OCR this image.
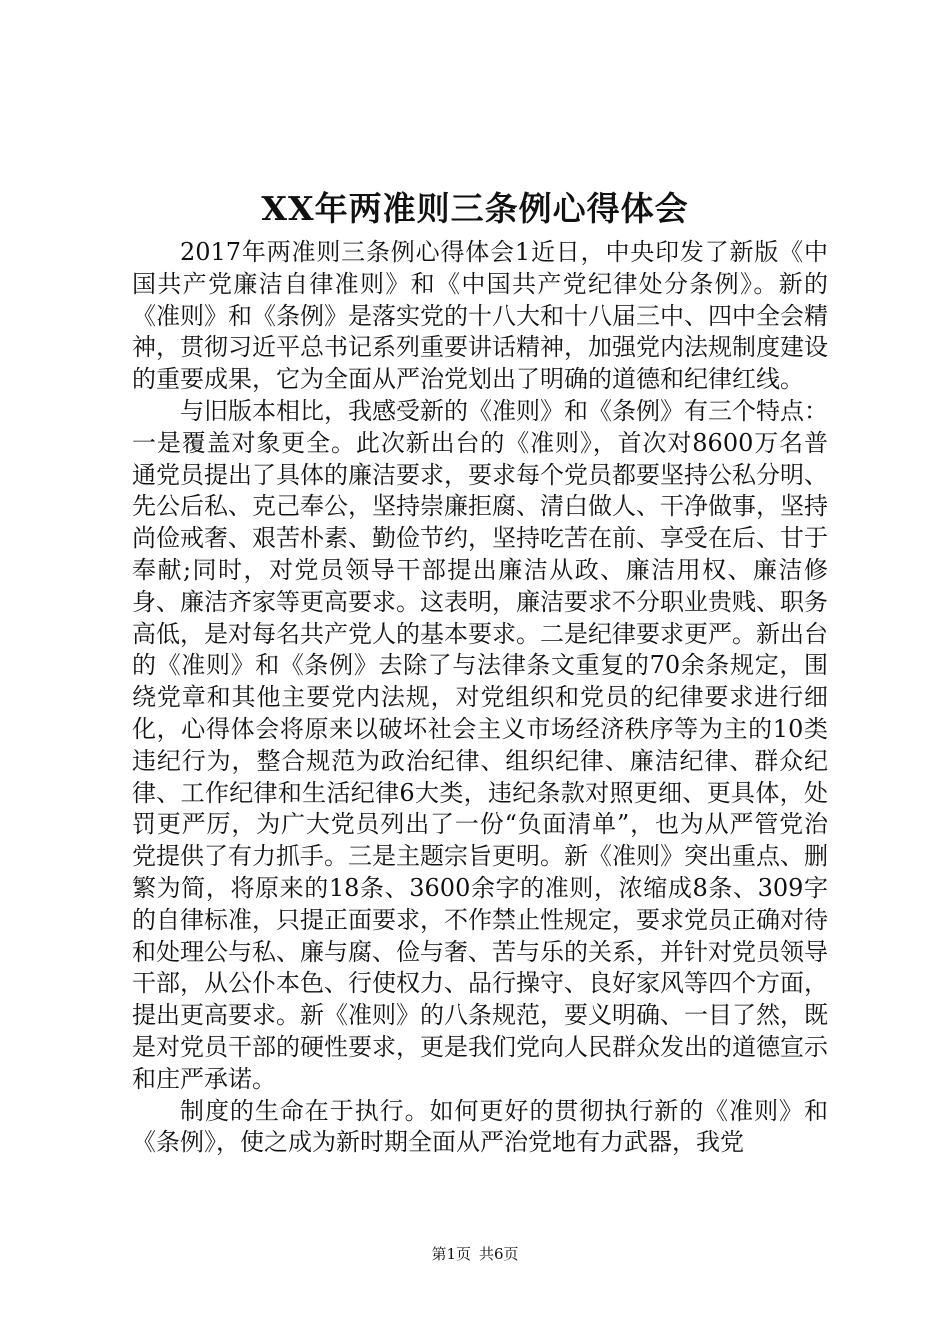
XX年两准则三条例心得体会

2017年两准则三条例心得体会1近日，中央印发了新版《中国共产党廉洁自律准则》和《中国共产党纪律处分条例》。新的《准则》和《条例》是落实党的十八大和十八届三中、四中全会精神，贯彻习近平总书记系列重要讲话精神，加强党内法规制度建设的重要成果，它为全面从严治党划出了明确的道德和纪律红线。

与旧版本相比，我感受新的《准则》和《条例》有三个特点：一是覆盖对象更全。此次新出台的《准则》，首次对8600万名普通党员提出了具体的廉洁要求，要求每个党员都要坚持公私分明、先公后私、克己奉公，坚持崇廉拒腐、清白做人、干净做事，坚持尚俭戒奢、艰苦朴素、勤俭节约，坚持吃苦在前、享受在后、甘于奉献;同时，对党员领导干部提出廉洁从政、廉洁用权、廉洁修身、廉洁齐家等更高要求。这表明，廉洁要求不分职业贵贱、职务高低，是对每名共产党人的基本要求。二是纪律要求更严。新出台的《准则》和《条例》去除了与法律条文重复的70余条规定，围绕党章和其他主要党内法规，对党组织和党员的纪律要求进行细化，心得体会将原来以破坏社会主义市场经济秩序等为主的10类违纪行为，整合规范为政治纪律、组织纪律、廉洁纪律、群众纪律、工作纪律和生活纪律6大类，违纪条款对照更细、更具体，处罚更严厉，为广大党员列出了一份“负面清单”，也为从严管党治党提供了有力抓手。三是主题宗旨更明。新《准则》突出重点、删繁为简，将原来的18条、3600余字的准则，浓缩成8条、309字的自律标准，只提正面要求，不作禁止性规定，要求党员正确对待和处理公与私、廉与腐、俭与奢、苦与乐的关系，并针对党员领导干部，从公仆本色、行使权力、品行操守、良好家风等四个方面，提出更高要求。新《准则》的八条规范，要义明确、一目了然，既是对党员干部的硬性要求，更是我们党向人民群众发出的道德宣示和庄严承诺。

制度的生命在于执行。如何更好的贯彻执行新的《准则》和《条例》，使之成为新时期全面从严治党地有力武器，我党

第1页 共6页
